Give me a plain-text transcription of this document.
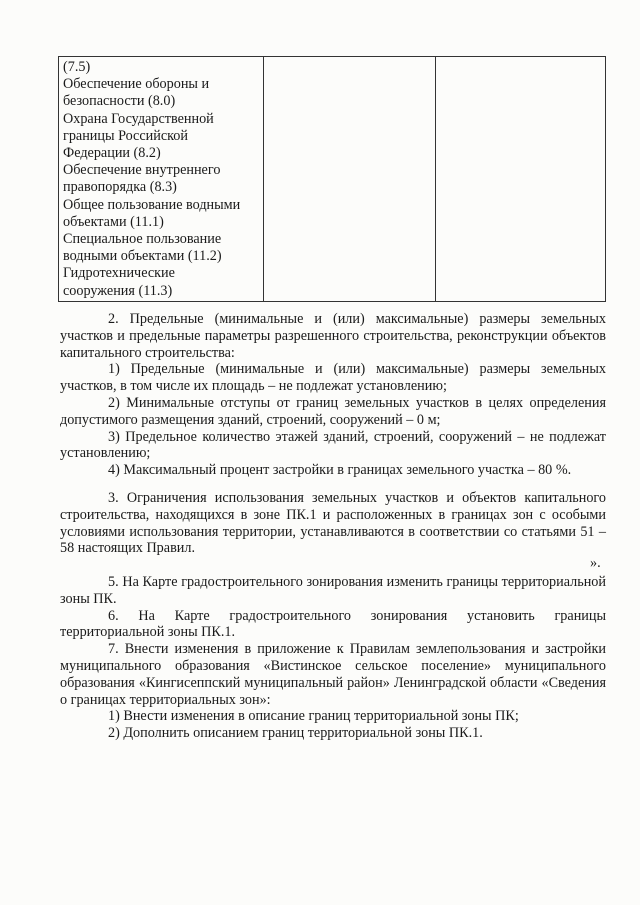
(7.5)
Обеспечение обороны и
безопасности (8.0)
Охрана Государственной
границы Российской
Федерации (8.2)
Обеспечение внутреннего
правопорядка (8.3)
Общее пользование водными
объектами (11.1)
Специальное пользование
водными объектами (11.2)
Гидротехнические
сооружения (11.3)

2. Предельные (минимальные и (или) максимальные) размеры земельных участков и предельные параметры разрешенного строительства, реконструкции объектов капитального строительства:

1) Предельные (минимальные и (или) максимальные) размеры земельных участков, в том числе их площадь – не подлежат установлению;

2) Минимальные отступы от границ земельных участков в целях определения допустимого размещения зданий, строений, сооружений – 0 м;

3) Предельное количество этажей зданий, строений, сооружений – не подлежат установлению;

4) Максимальный процент застройки в границах земельного участка – 80 %.

3. Ограничения использования земельных участков и объектов капитального строительства, находящихся в зоне ПК.1 и расположенных в границах зон с особыми условиями использования территории, устанавливаются в соответствии со статьями 51 – 58 настоящих Правил.

».

5. На Карте градостроительного зонирования изменить границы территориальной зоны ПК.

6. На Карте градостроительного зонирования установить границы территориальной зоны ПК.1.

7. Внести изменения в приложение к Правилам землепользования и застройки муниципального образования «Вистинское сельское поселение» муниципального образования «Кингисеппский муниципальный район» Ленинградской области «Сведения о границах территориальных зон»:

1) Внести изменения в описание границ территориальной зоны ПК;

2) Дополнить описанием границ территориальной зоны ПК.1.
